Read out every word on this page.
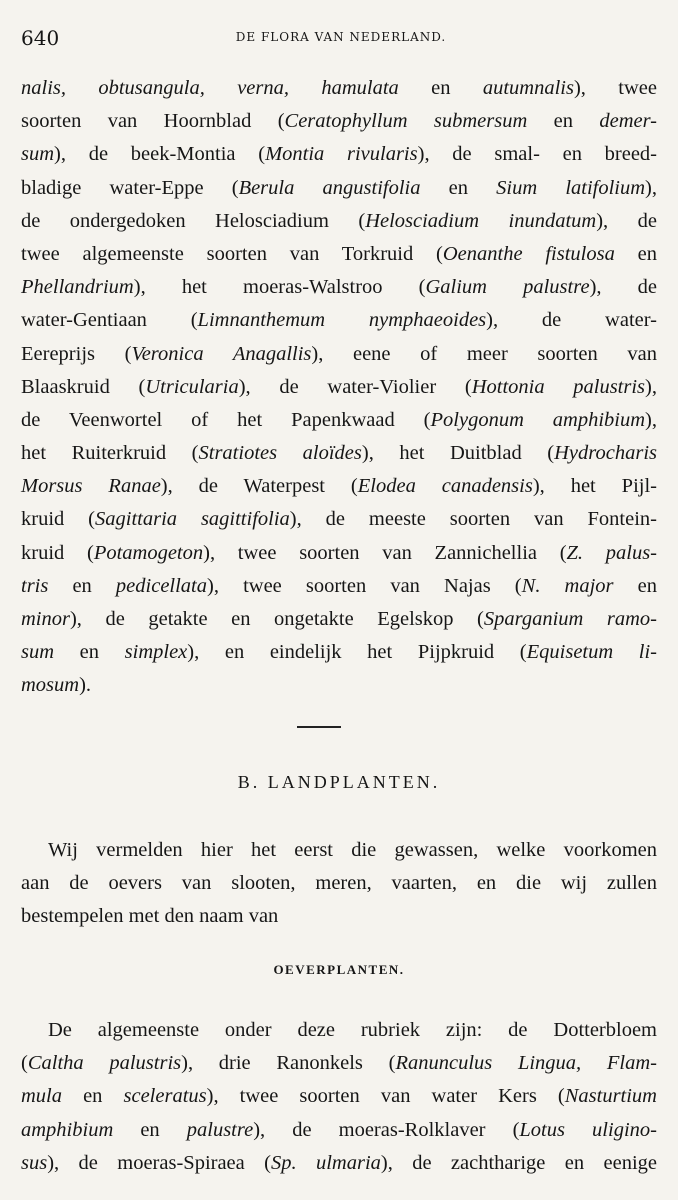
640	DE FLORA VAN NEDERLAND.
nalis, obtusangula, verna, hamulata en autumnalis), twee
soorten van Hoornblad (Ceratophyllum submersum en demer-
sum), de beek-Montia (Montia rivularis), de smal- en breed-
bladige water-Eppe (Berula angustifolia en Sium latifolium),
de ondergedoken Helosciadium (Helosciadium inundatum), de
twee algemeenste soorten van Torkruid (Oenanthe fistulosa en
Phellandrium), het moeras-Walstroo (Galium palustre), de
water-Gentiaan (Limnanthemum nymphaeoides), de water-
Eereprijs (Veronica Anagallis), eene of meer soorten van
Blaaskruid (Utricularia), de water-Violier (Hottonia palustris),
de Veenwortel of het Papenkwaad (Polygonum amphibium),
het Ruiterkruid (Stratiotes aloïdes), het Duitblad (Hydrocharis
Morsus Ranae), de Waterpest (Elodea canadensis), het Pijl-
kruid (Sagittaria sagittifolia), de meeste soorten van Fontein-
kruid (Potamogeton), twee soorten van Zannichellia (Z. palus-
tris en pedicellata), twee soorten van Najas (N. major en
minor), de getakte en ongetakte Egelskop (Sparganium ramo-
sum en simplex), en eindelijk het Pijpkruid (Equisetum li-
mosum).
B. LANDPLANTEN.
Wij vermelden hier het eerst die gewassen, welke voorkomen
aan de oevers van slooten, meren, vaarten, en die wij zullen
bestempelen met den naam van
OEVERPLANTEN.
De algemeenste onder deze rubriek zijn: de Dotterbloem
(Caltha palustris), drie Ranonkels (Ranunculus Lingua, Flam-
mula en sceleratus), twee soorten van water Kers (Nasturtium
amphibium en palustre), de moeras-Rolklaver (Lotus uligino-
sus), de moeras-Spiraea (Sp. ulmaria), de zachtharige en eenige
